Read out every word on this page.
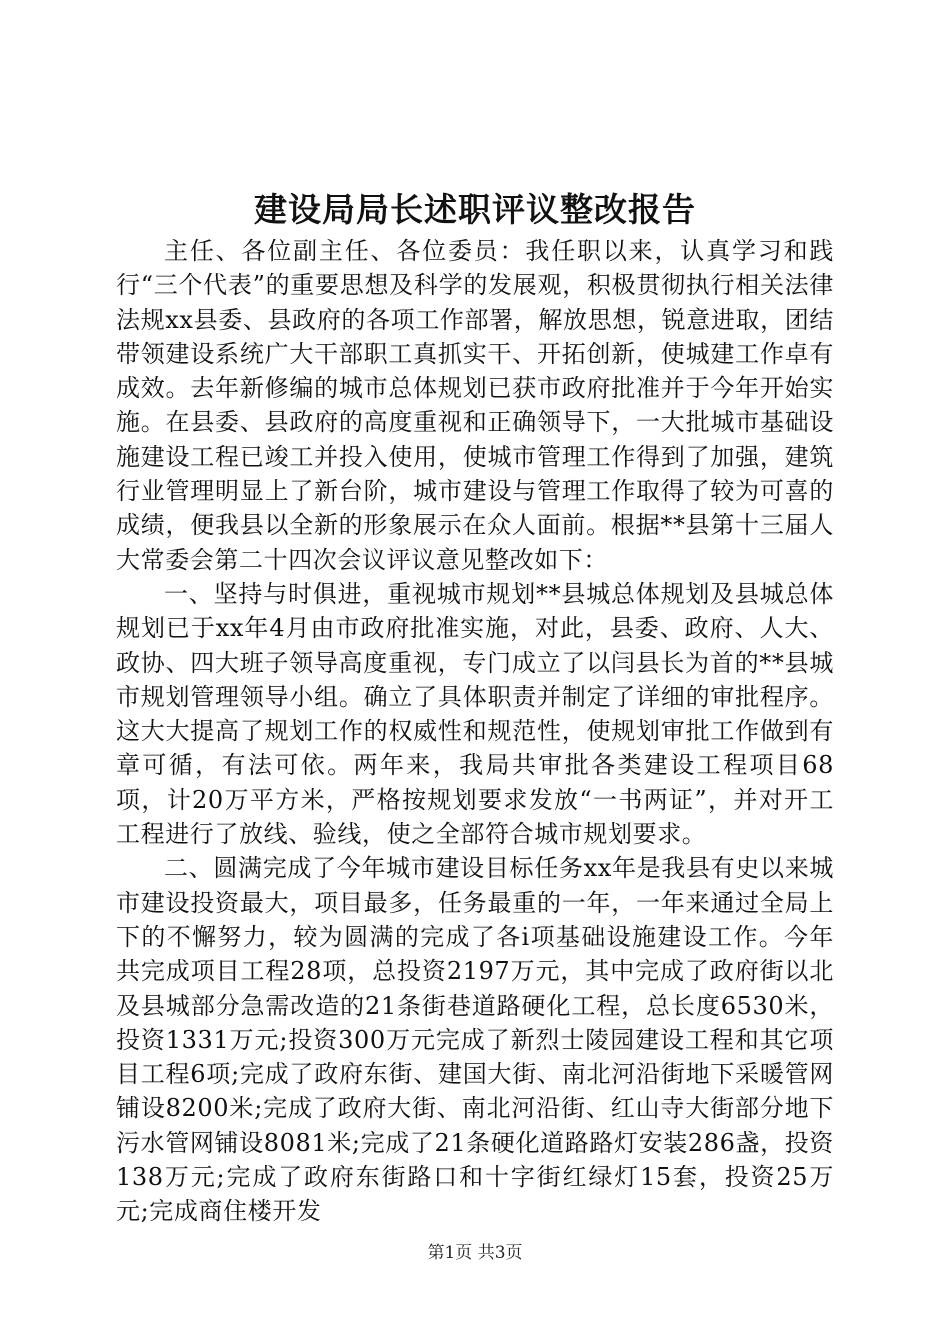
建设局局长述职评议整改报告

主任、各位副主任、各位委员：我任职以来，认真学习和践行“三个代表”的重要思想及科学的发展观，积极贯彻执行相关法律法规xx县委、县政府的各项工作部署，解放思想，锐意进取，团结带领建设系统广大干部职工真抓实干、开拓创新，使城建工作卓有成效。去年新修编的城市总体规划已获市政府批准并于今年开始实施。在县委、县政府的高度重视和正确领导下，一大批城市基础设施建设工程已竣工并投入使用，使城市管理工作得到了加强，建筑行业管理明显上了新台阶，城市建设与管理工作取得了较为可喜的成绩，便我县以全新的形象展示在众人面前。根据**县第十三届人大常委会第二十四次会议评议意见整改如下：

一、坚持与时俱进，重视城市规划**县城总体规划及县城总体规划已于xx年4月由市政府批准实施，对此，县委、政府、人大、政协、四大班子领导高度重视，专门成立了以闫县长为首的**县城市规划管理领导小组。确立了具体职责并制定了详细的审批程序。这大大提高了规划工作的权威性和规范性，使规划审批工作做到有章可循，有法可依。两年来，我局共审批各类建设工程项目68项，计20万平方米，严格按规划要求发放“一书两证”，并对开工工程进行了放线、验线，使之全部符合城市规划要求。

二、圆满完成了今年城市建设目标任务xx年是我县有史以来城市建设投资最大，项目最多，任务最重的一年，一年来通过全局上下的不懈努力，较为圆满的完成了各i项基础设施建设工作。今年共完成项目工程28项，总投资2197万元，其中完成了政府街以北及县城部分急需改造的21条街巷道路硬化工程，总长度6530米，投资1331万元;投资300万元完成了新烈士陵园建设工程和其它项目工程6项;完成了政府东街、建国大街、南北河沿街地下采暖管网铺设8200米;完成了政府大街、南北河沿街、红山寺大街部分地下污水管网铺设8081米;完成了21条硬化道路路灯安装286盏，投资138万元;完成了政府东街路口和十字街红绿灯15套，投资25万元;完成商住楼开发

第1页 共3页
